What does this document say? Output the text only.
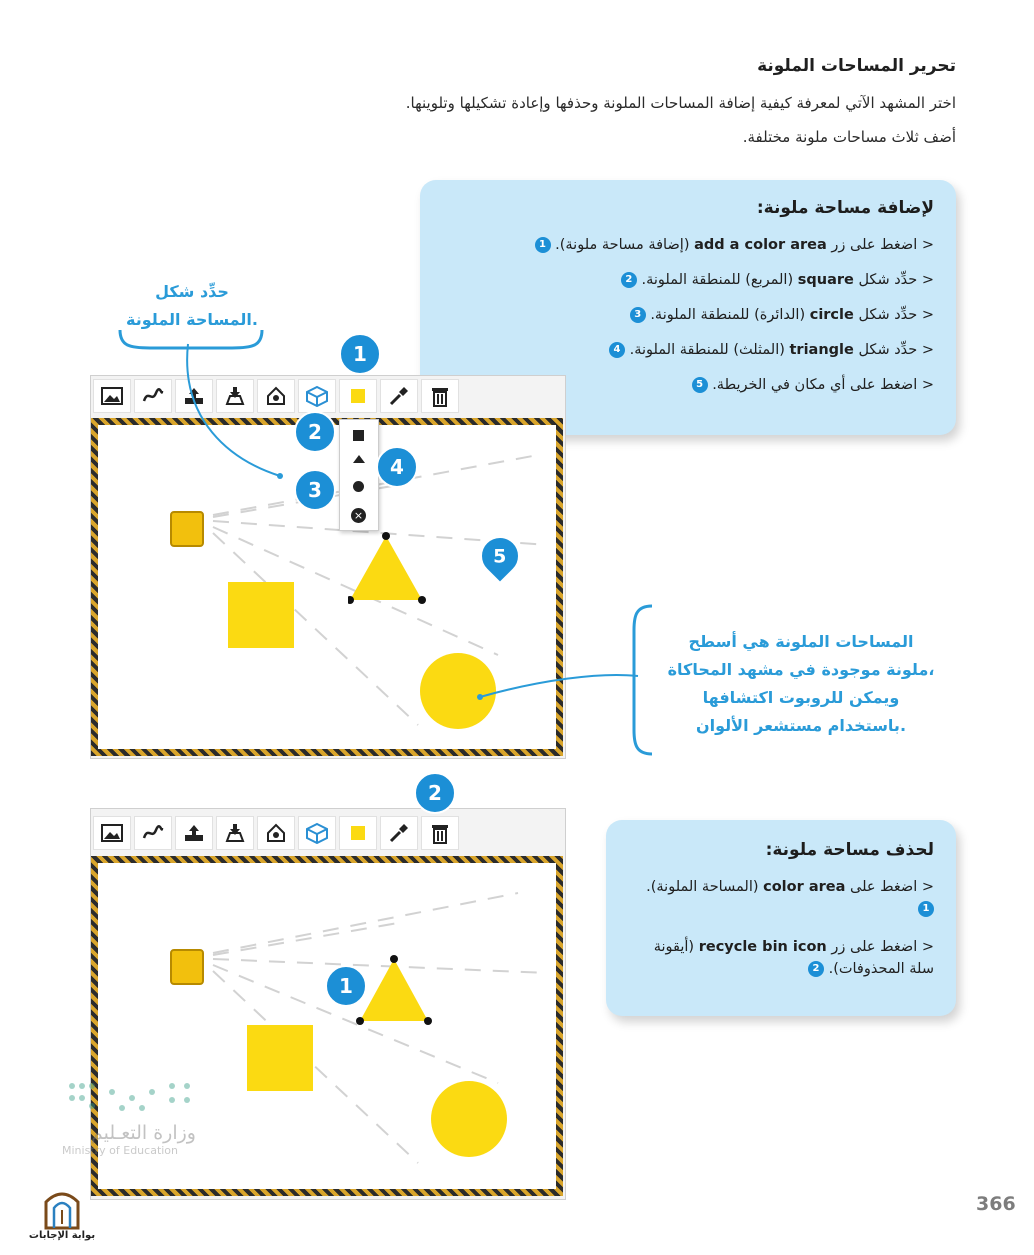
تحرير المساحات الملونة
اختر المشهد الآتي لمعرفة كيفية إضافة المساحات الملونة وحذفها وإعادة تشكيلها وتلوينها.
أضف ثلاث مساحات ملونة مختلفة.
لإضافة مساحة ملونة:
< اضغط على زر add a color area (إضافة مساحة ملونة). 1
< حدِّد شكل square (المربع) للمنطقة الملونة. 2
< حدِّد شكل circle (الدائرة) للمنطقة الملونة. 3
< حدِّد شكل triangle (المثلث) للمنطقة الملونة. 4
< اضغط على أي مكان في الخريطة. 5
حدِّد شكل
المساحة الملونة.
×
1
2
3
4
5
المساحات الملونة هي أسطح
ملونة موجودة في مشهد المحاكاة،
ويمكن للروبوت اكتشافها
باستخدام مستشعر الألوان.
2
1
لحذف مساحة ملونة:
< اضغط على color area (المساحة الملونة). 1
< اضغط على زر recycle bin icon (أيقونة سلة المحذوفات). 2
وزارة التعـليم
Ministry of Education
بوابة الإجابات
366
